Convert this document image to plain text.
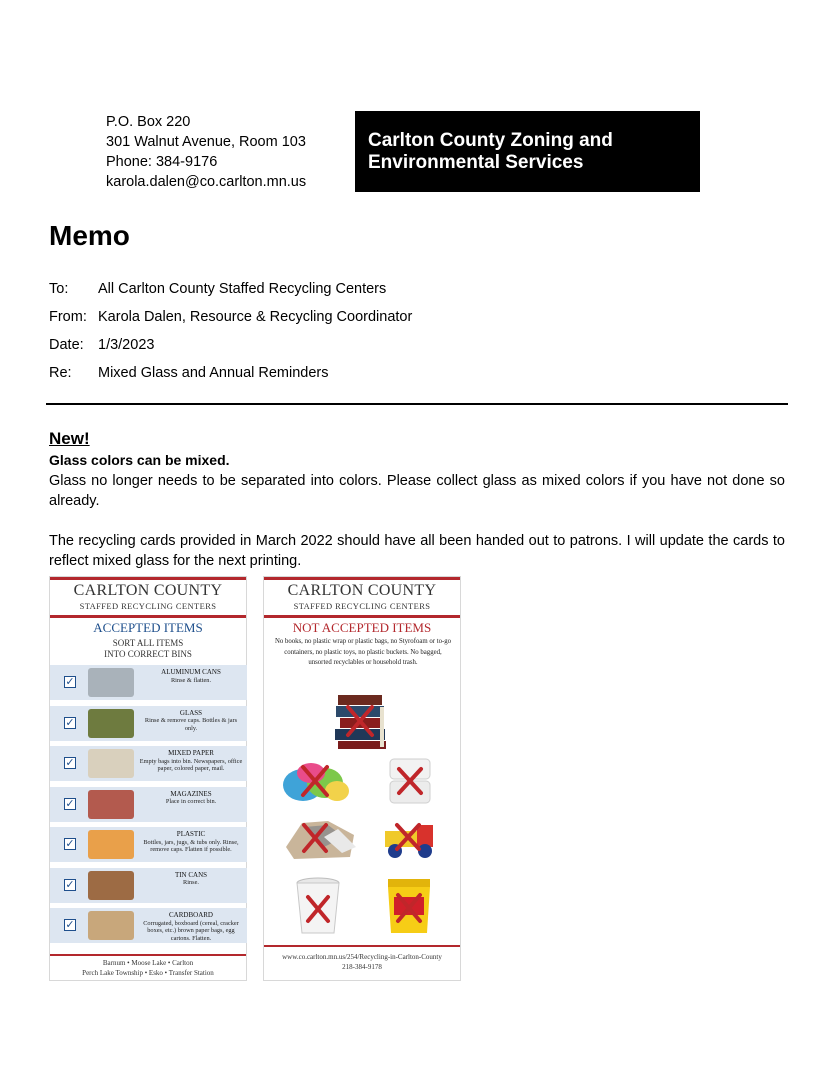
P.O. Box 220
301 Walnut Avenue, Room 103
Phone: 384-9176
karola.dalen@co.carlton.mn.us
Carlton County Zoning and
Environmental Services
Memo
To: All Carlton County Staffed Recycling Centers
From: Karola Dalen, Resource & Recycling Coordinator
Date: 1/3/2023
Re: Mixed Glass and Annual Reminders
New!
Glass colors can be mixed.
Glass no longer needs to be separated into colors. Please collect glass as mixed colors if you have not done so already.
The recycling cards provided in March 2022 should have all been handed out to patrons. I will update the cards to reflect mixed glass for the next printing.
CARLTON COUNTY
STAFFED RECYCLING CENTERS
ACCEPTED ITEMS
SORT ALL ITEMS
INTO CORRECT BINS
✓
ALUMINUM CANS
Rinse & flatten.
✓
GLASS
Rinse & remove caps. Bottles & jars only.
✓
MIXED PAPER
Empty bags into bin. Newspapers, office paper, colored paper, mail.
✓
MAGAZINES
Place in correct bin.
✓
PLASTIC
Bottles, jars, jugs, & tubs only. Rinse, remove caps. Flatten if possible.
✓
TIN CANS
Rinse.
✓
CARDBOARD
Corrugated, boxboard (cereal, cracker boxes, etc.) brown paper bags, egg cartons. Flatten.
Barnum • Moose Lake • Carlton
Perch Lake Township • Esko • Transfer Station
CARLTON COUNTY
STAFFED RECYCLING CENTERS
NOT ACCEPTED ITEMS
No books, no plastic wrap or plastic bags, no Styrofoam or to-go containers, no plastic toys, no plastic buckets. No bagged, unsorted recyclables or household trash.
www.co.carlton.mn.us/254/Recycling-in-Carlton-County
218-384-9178
